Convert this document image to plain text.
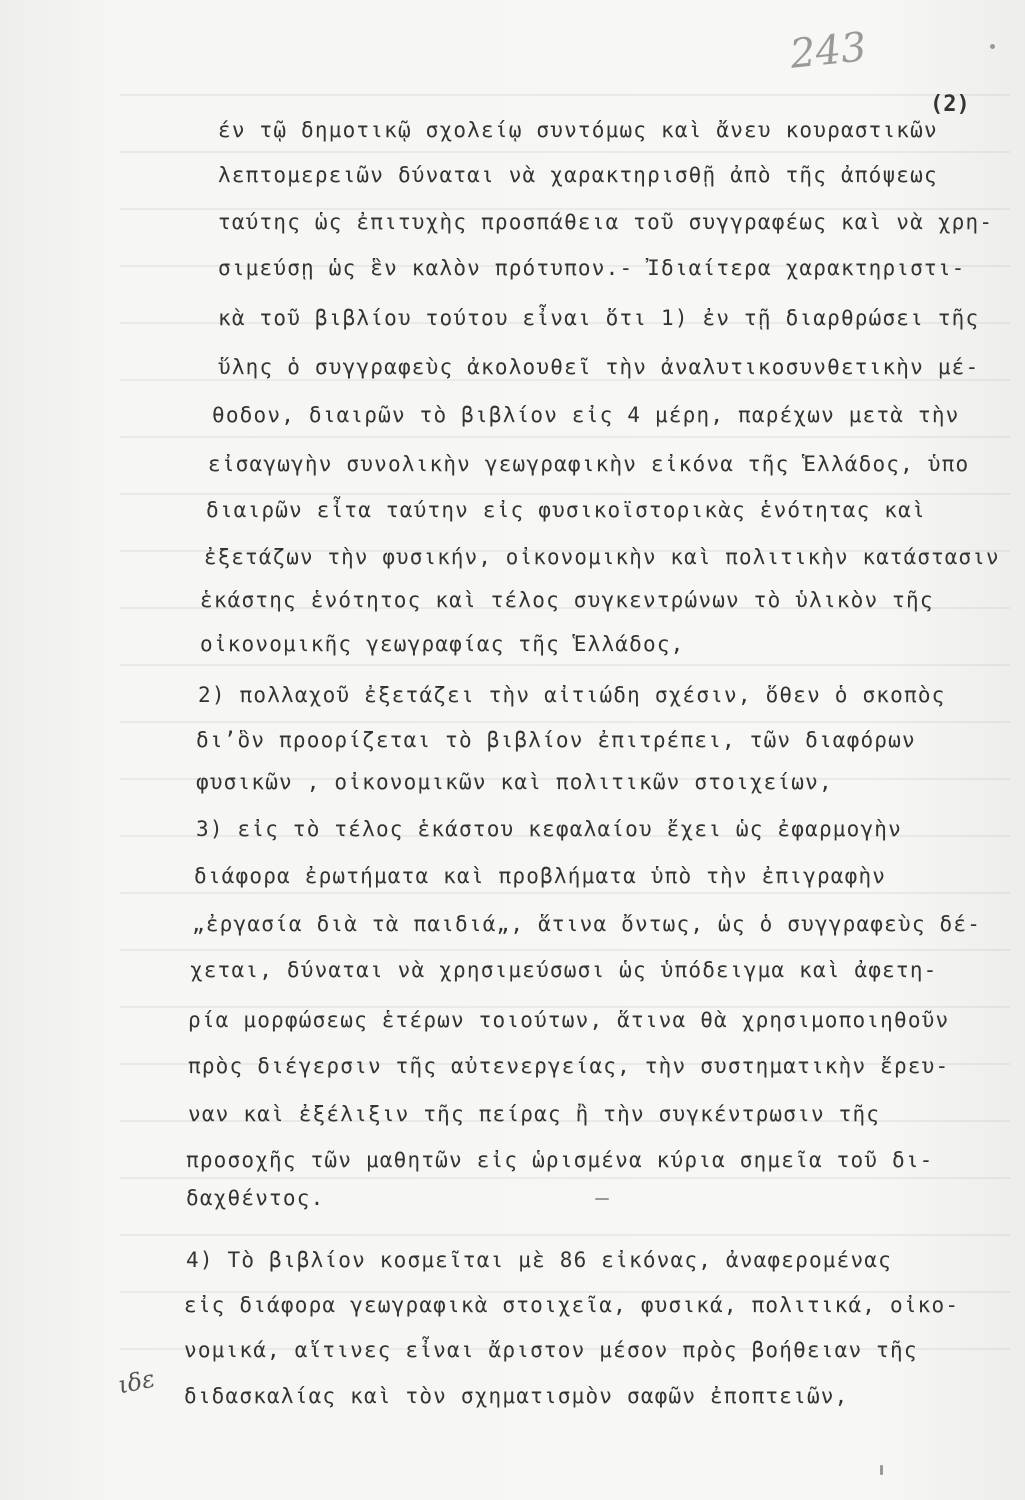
243
(2)
έν τῷ δημοτικῷ σχολείῳ συντόμως καὶ ἄνευ κουραστικῶν
λεπτομερειῶν δύναται νὰ χαρακτηρισθῇ ἀπὸ τῆς ἀπόψεως
ταύτης ὡς ἐπιτυχὴς προσπάθεια τοῦ συγγραφέως καὶ νὰ χρη-
σιμεύσῃ ὡς ἓν καλὸν πρότυπον.- Ἰδιαίτερα χαρακτηριστι-
κὰ τοῦ βιβλίου τούτου εἶναι ὅτι 1) ἐν τῇ διαρθρώσει τῆς
ὕλης ὁ συγγραφεὺς ἀκολουθεῖ τὴν ἀναλυτικοσυνθετικὴν μέ-
θοδον, διαιρῶν τὸ βιβλίον εἰς 4 μέρη, παρέχων μετὰ τὴν
εἰσαγωγὴν συνολικὴν γεωγραφικὴν εἰκόνα τῆς Ἑλλάδος, ὑπο
διαιρῶν εἶτα ταύτην εἰς φυσικοϊστορικὰς ἑνότητας καὶ
ἐξετάζων τὴν φυσικήν, οἰκονομικὴν καὶ πολιτικὴν κατάστασιν
ἑκάστης ἑνότητος καὶ τέλος συγκεντρώνων τὸ ὑλικὸν τῆς
οἰκονομικῆς γεωγραφίας τῆς Ἑλλάδος,
2) πολλαχοῦ ἐξετάζει τὴν αἰτιώδη σχέσιν, ὅθεν ὁ σκοπὸς
δι’ὃν προορίζεται τὸ βιβλίον ἐπιτρέπει, τῶν διαφόρων
φυσικῶν , οἰκονομικῶν καὶ πολιτικῶν στοιχείων,
3) εἰς τὸ τέλος ἑκάστου κεφαλαίου ἔχει ὡς ἐφαρμογὴν
διάφορα ἐρωτήματα καὶ προβλήματα ὑπὸ τὴν ἐπιγραφὴν
„ἐργασία διὰ τὰ παιδιά„, ἅτινα ὄντως, ὡς ὁ συγγραφεὺς δέ-
χεται, δύναται νὰ χρησιμεύσωσι ὡς ὑπόδειγμα καὶ ἀφετη-
ρία μορφώσεως ἑτέρων τοιούτων, ἅτινα θὰ χρησιμοποιηθοῦν
πρὸς διέγερσιν τῆς αὐτενεργείας, τὴν συστηματικὴν ἔρευ-
ναν καὶ ἐξέλιξιν τῆς πείρας ἢ τὴν συγκέντρωσιν τῆς
προσοχῆς τῶν μαθητῶν εἰς ὡρισμένα κύρια σημεῖα τοῦ δι-
δαχθέντος.
4) Τὸ βιβλίον κοσμεῖται μὲ 86 εἰκόνας, ἀναφερομένας
εἰς διάφορα γεωγραφικὰ στοιχεῖα, φυσικά, πολιτικά, οἰκο-
νομικά, αἵτινες εἶναι ἄριστον μέσον πρὸς βοήθειαν τῆς
διδασκαλίας καὶ τὸν σχηματισμὸν σαφῶν ἐποπτειῶν,
ιδε
